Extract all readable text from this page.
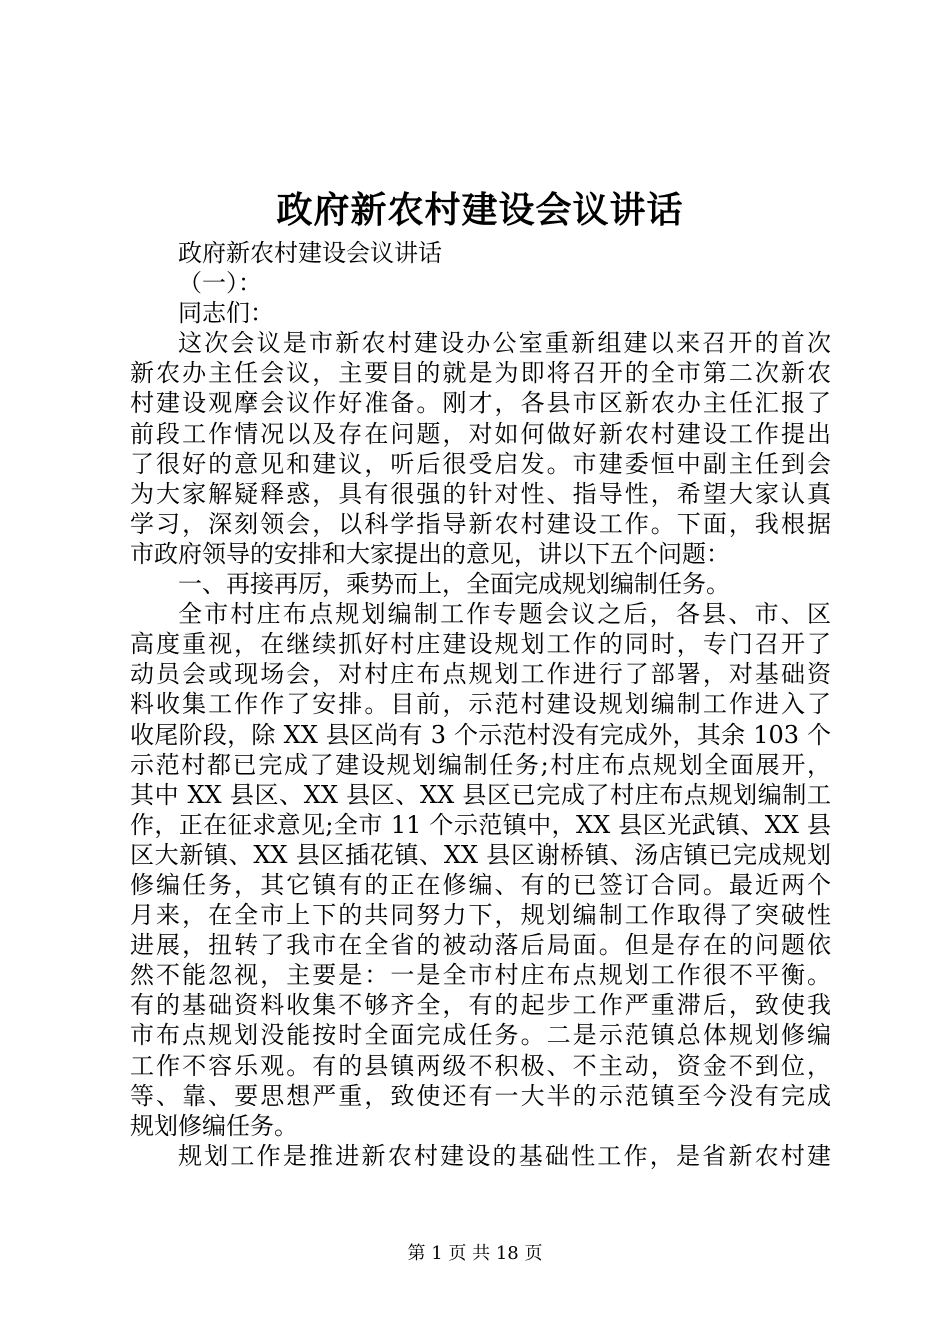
政府新农村建设会议讲话
政府新农村建设会议讲话
（一）：
同志们：
这次会议是市新农村建设办公室重新组建以来召开的首次
新农办主任会议，主要目的就是为即将召开的全市第二次新农
村建设观摩会议作好准备。刚才，各县市区新农办主任汇报了
前段工作情况以及存在问题，对如何做好新农村建设工作提出
了很好的意见和建议，听后很受启发。市建委恒中副主任到会
为大家解疑释惑，具有很强的针对性、指导性，希望大家认真
学习，深刻领会，以科学指导新农村建设工作。下面，我根据
市政府领导的安排和大家提出的意见，讲以下五个问题：
一、再接再厉，乘势而上，全面完成规划编制任务。
全市村庄布点规划编制工作专题会议之后，各县、市、区
高度重视，在继续抓好村庄建设规划工作的同时，专门召开了
动员会或现场会，对村庄布点规划工作进行了部署，对基础资
料收集工作作了安排。目前，示范村建设规划编制工作进入了
收尾阶段，除 XX 县区尚有 3 个示范村没有完成外，其余 103 个
示范村都已完成了建设规划编制任务;村庄布点规划全面展开，
其中 XX 县区、XX 县区、XX 县区已完成了村庄布点规划编制工
作，正在征求意见;全市 11 个示范镇中，XX 县区光武镇、XX 县
区大新镇、XX 县区插花镇、XX 县区谢桥镇、汤店镇已完成规划
修编任务，其它镇有的正在修编、有的已签订合同。最近两个
月来，在全市上下的共同努力下，规划编制工作取得了突破性
进展，扭转了我市在全省的被动落后局面。但是存在的问题依
然不能忽视，主要是：一是全市村庄布点规划工作很不平衡。
有的基础资料收集不够齐全，有的起步工作严重滞后，致使我
市布点规划没能按时全面完成任务。二是示范镇总体规划修编
工作不容乐观。有的县镇两级不积极、不主动，资金不到位，
等、靠、要思想严重，致使还有一大半的示范镇至今没有完成
规划修编任务。
规划工作是推进新农村建设的基础性工作，是省新农村建
第 1 页 共 18 页
